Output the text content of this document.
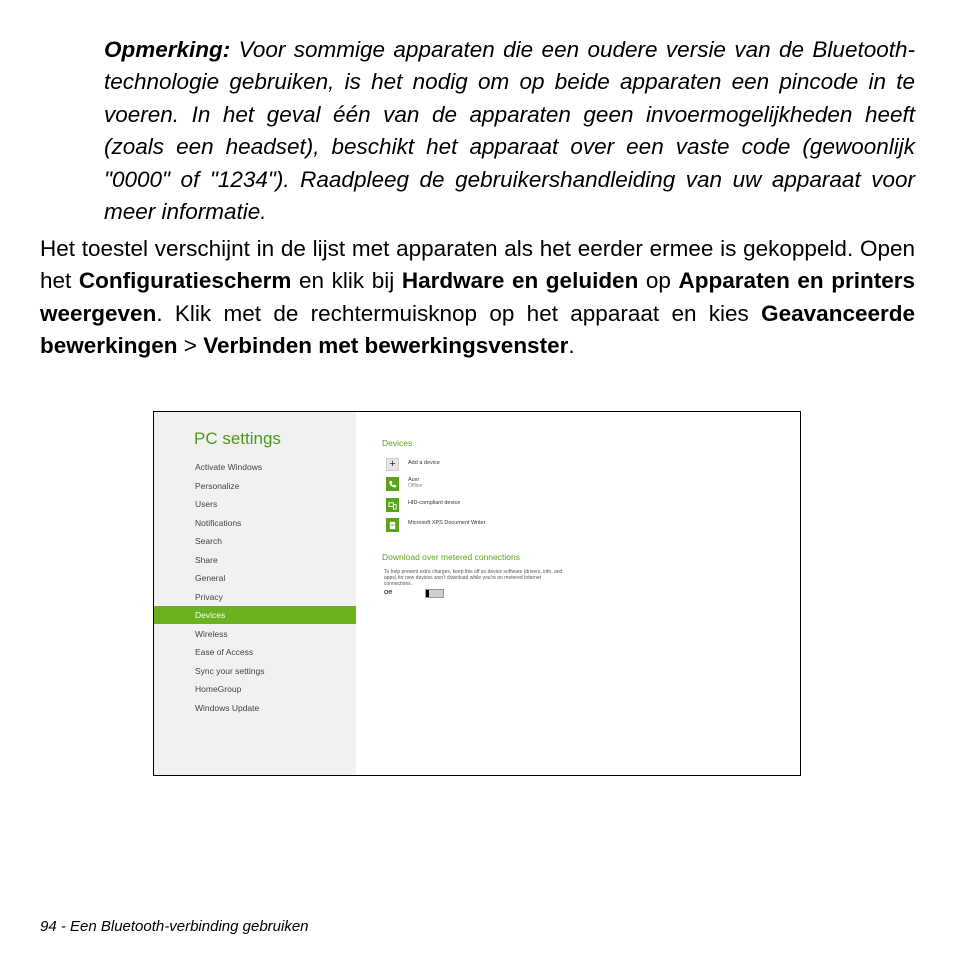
Opmerking: Voor sommige apparaten die een oudere versie van de Bluetooth-technologie gebruiken, is het nodig om op beide apparaten een pincode in te voeren. In het geval één van de apparaten geen invoermogelijkheden heeft (zoals een headset), beschikt het apparaat over een vaste code (gewoonlijk "0000" of "1234"). Raadpleeg de gebruikershandleiding van uw apparaat voor meer informatie.

Het toestel verschijnt in de lijst met apparaten als het eerder ermee is gekoppeld. Open het Configuratiescherm en klik bij Hardware en geluiden op Apparaten en printers weergeven. Klik met de rechtermuisknop op het apparaat en kies Geavanceerde bewerkingen > Verbinden met bewerkingsvenster.

PC settings
Activate Windows
Personalize
Users
Notifications
Search
Share
General
Privacy
Devices
Wireless
Ease of Access
Sync your settings
HomeGroup
Windows Update
Devices
+	Add a device
Acer
Offline
HID-compliant device
Microsoft XPS Document Writer
Download over metered connections
To help prevent extra charges, keep this off so device software (drivers, info, and apps) for new devices won't download while you're on metered Internet connections.
Off
94 - Een Bluetooth-verbinding gebruiken
